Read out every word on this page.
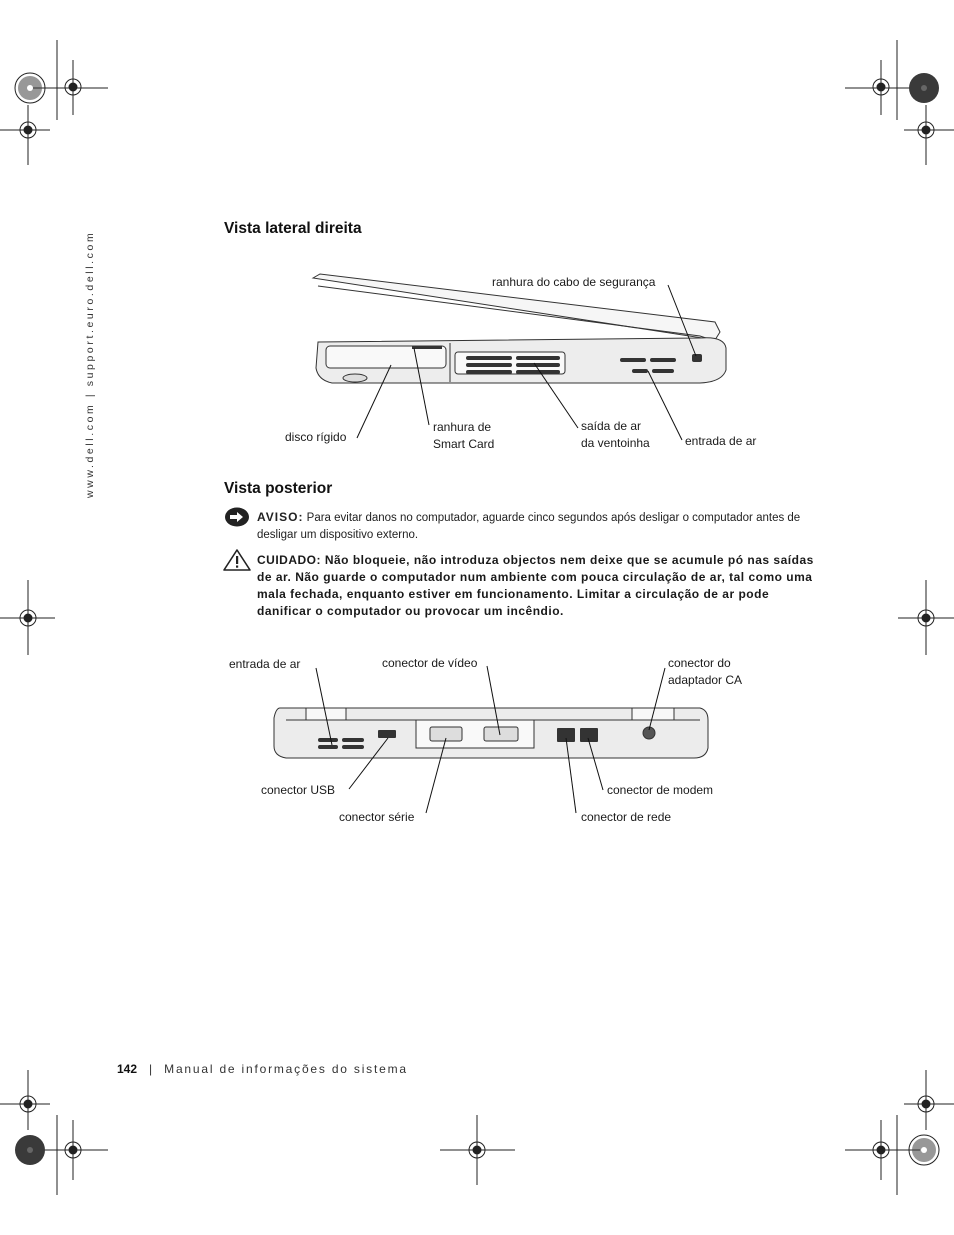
www.dell.com | support.euro.dell.com
Vista lateral direita
ranhura do cabo de segurança
disco rígido
ranhura de
Smart Card
saída de ar
da ventoinha	entrada de ar
Vista posterior
AVISO: Para evitar danos no computador, aguarde cinco segundos após desligar o computador antes de desligar um dispositivo externo.
CUIDADO: Não bloqueie, não introduza objectos nem deixe que se acumule pó nas saídas de ar. Não guarde o computador num ambiente com pouca circulação de ar, tal como uma mala fechada, enquanto estiver em funcionamento. Limitar a circulação de ar pode danificar o computador ou provocar um incêndio.
entrada de ar	conector de vídeo	conector do
adaptador CA
conector USB	conector de modem
conector série	conector de rede
142 | Manual de informações do sistema
